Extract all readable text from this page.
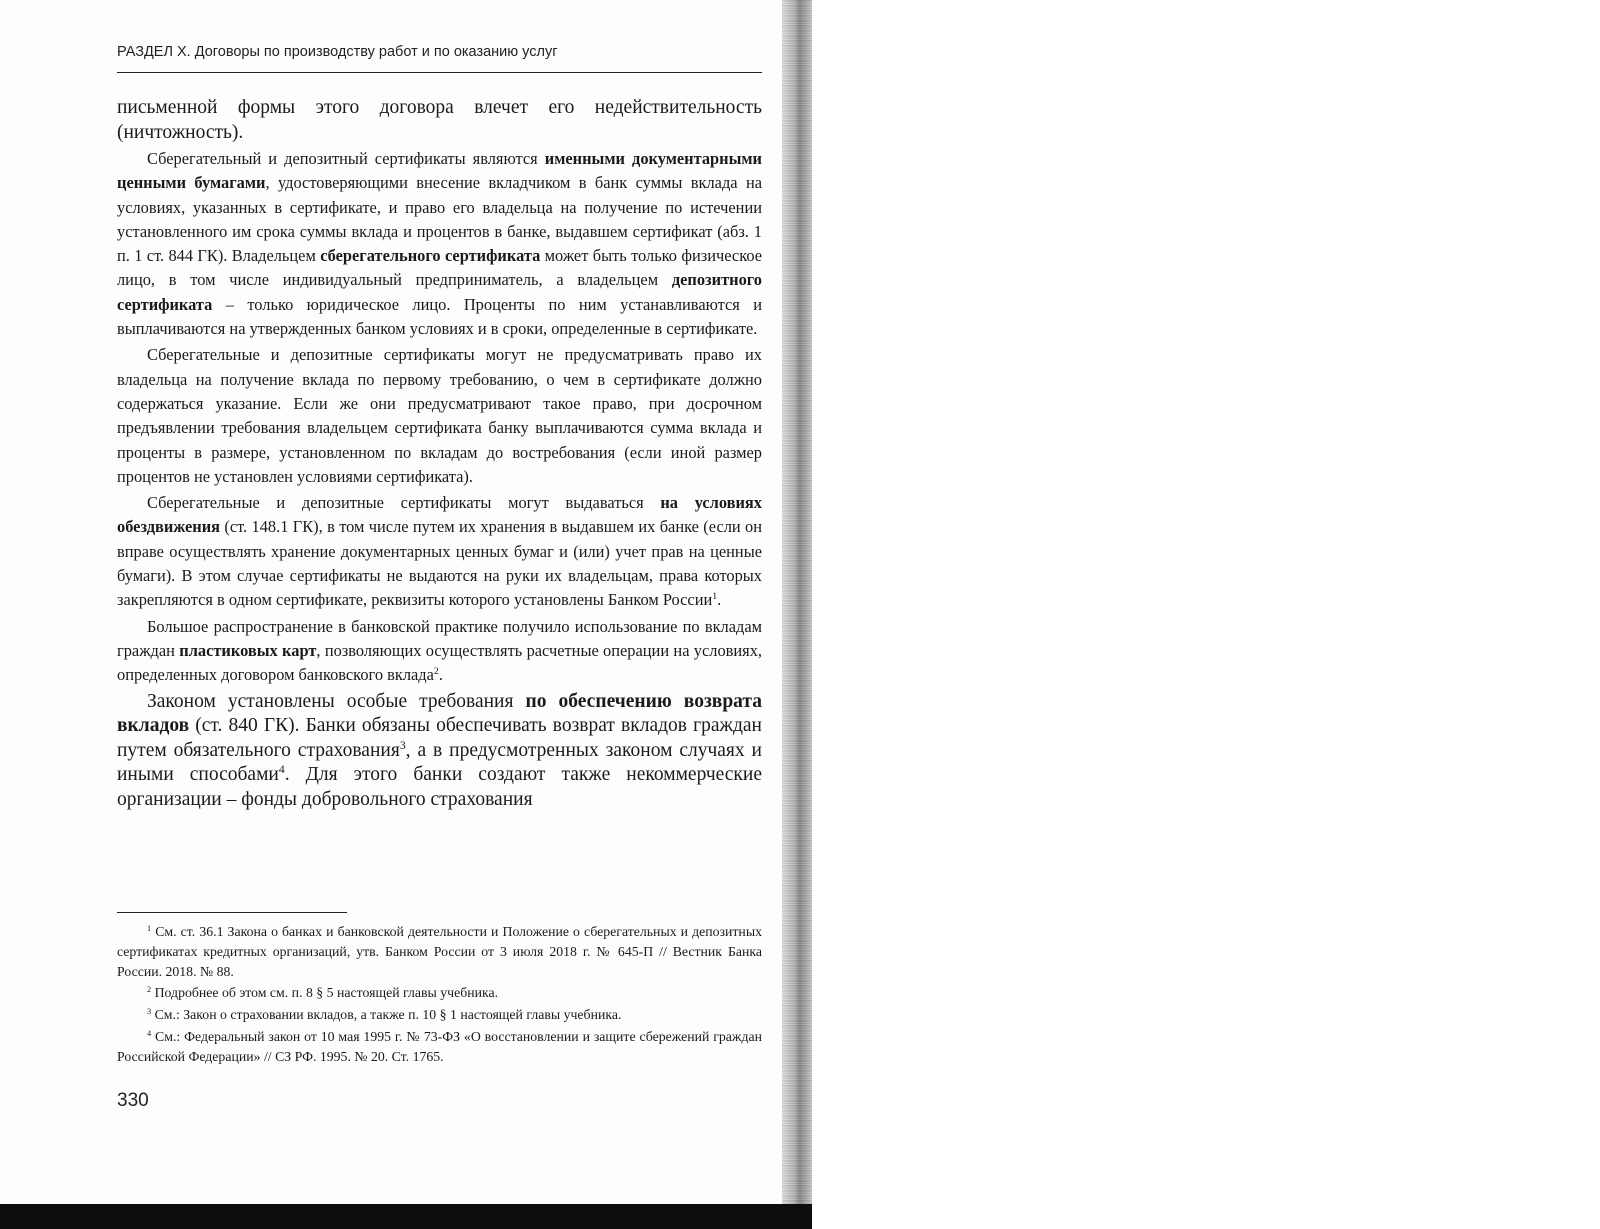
РАЗДЕЛ X. Договоры по производству работ и по оказанию услуг

письменной формы этого договора влечет его недействительность (ничтожность).

Сберегательный и депозитный сертификаты являются именными документарными ценными бумагами, удостоверяющими внесение вкладчиком в банк суммы вклада на условиях, указанных в сертификате, и право его владельца на получение по истечении установленного им срока суммы вклада и процентов в банке, выдавшем сертификат (абз. 1 п. 1 ст. 844 ГК). Владельцем сберегательного сертификата может быть только физическое лицо, в том числе индивидуальный предприниматель, а владельцем депозитного сертификата – только юридическое лицо. Проценты по ним устанавливаются и выплачиваются на утвержденных банком условиях и в сроки, определенные в сертификате.

Сберегательные и депозитные сертификаты могут не предусматривать право их владельца на получение вклада по первому требованию, о чем в сертификате должно содержаться указание. Если же они предусматривают такое право, при досрочном предъявлении требования владельцем сертификата банку выплачиваются сумма вклада и проценты в размере, установленном по вкладам до востребования (если иной размер процентов не установлен условиями сертификата).

Сберегательные и депозитные сертификаты могут выдаваться на условиях обездвижения (ст. 148.1 ГК), в том числе путем их хранения в выдавшем их банке (если он вправе осуществлять хранение документарных ценных бумаг и (или) учет прав на ценные бумаги). В этом случае сертификаты не выдаются на руки их владельцам, права которых закрепляются в одном сертификате, реквизиты которого установлены Банком России$^1$.

Большое распространение в банковской практике получило использование по вкладам граждан пластиковых карт, позволяющих осуществлять расчетные операции на условиях, определенных договором банковского вклада$^2$.

Законом установлены особые требования по обеспечению возврата вкладов (ст. 840 ГК). Банки обязаны обеспечивать возврат вкладов граждан путем обязательного страхования$^3$, а в предусмотренных законом случаях и иными способами$^4$. Для этого банки создают также некоммерческие организации – фонды добровольного страхования

$^1$ См. ст. 36.1 Закона о банках и банковской деятельности и Положение о сберегательных и депозитных сертификатах кредитных организаций, утв. Банком России от 3 июля 2018 г. № 645-П // Вестник Банка России. 2018. № 88.

$^2$ Подробнее об этом см. п. 8 § 5 настоящей главы учебника.

$^3$ См.: Закон о страховании вкладов, а также п. 10 § 1 настоящей главы учебника.

$^4$ См.: Федеральный закон от 10 мая 1995 г. № 73-ФЗ «О восстановлении и защите сбережений граждан Российской Федерации» // СЗ РФ. 1995. № 20. Ст. 1765.

330
